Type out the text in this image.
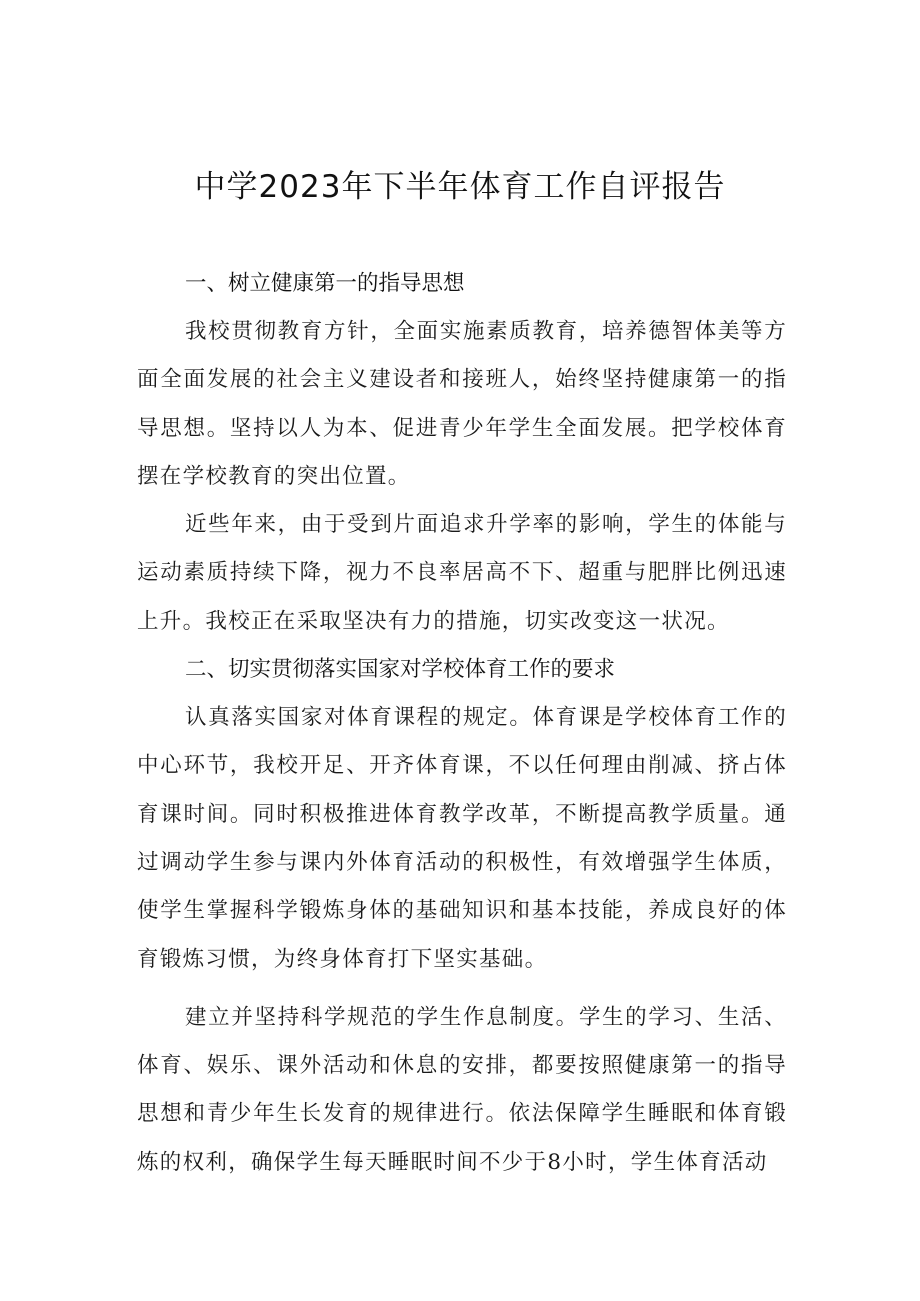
中学2023年下半年体育工作自评报告

一、树立健康第一的指导思想

我校贯彻教育方针，全面实施素质教育，培养德智体美等方面全面发展的社会主义建设者和接班人，始终坚持健康第一的指导思想。坚持以人为本、促进青少年学生全面发展。把学校体育摆在学校教育的突出位置。

近些年来，由于受到片面追求升学率的影响，学生的体能与运动素质持续下降，视力不良率居高不下、超重与肥胖比例迅速上升。我校正在采取坚决有力的措施，切实改变这一状况。

二、切实贯彻落实国家对学校体育工作的要求

认真落实国家对体育课程的规定。体育课是学校体育工作的中心环节，我校开足、开齐体育课，不以任何理由削减、挤占体育课时间。同时积极推进体育教学改革，不断提高教学质量。通过调动学生参与课内外体育活动的积极性，有效增强学生体质，使学生掌握科学锻炼身体的基础知识和基本技能，养成良好的体育锻炼习惯，为终身体育打下坚实基础。

建立并坚持科学规范的学生作息制度。学生的学习、生活、体育、娱乐、课外活动和休息的安排，都要按照健康第一的指导思想和青少年生长发育的规律进行。依法保障学生睡眠和体育锻炼的权利，确保学生每天睡眠时间不少于8小时，学生体育活动
